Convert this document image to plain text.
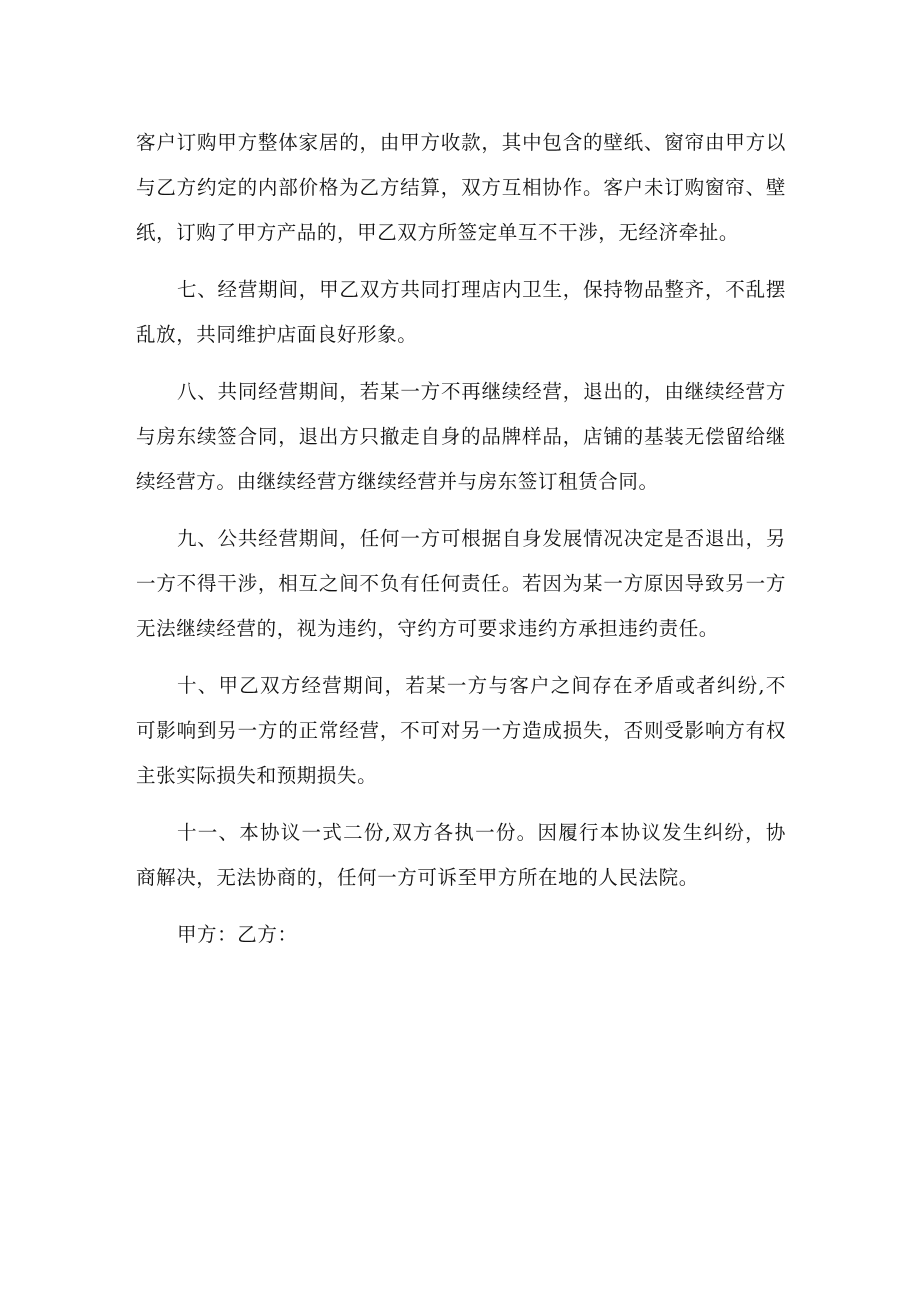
客户订购甲方整体家居的，由甲方收款，其中包含的壁纸、窗帘由甲方以与乙方约定的内部价格为乙方结算，双方互相协作。客户未订购窗帘、壁纸，订购了甲方产品的，甲乙双方所签定单互不干涉，无经济牵扯。

七、经营期间，甲乙双方共同打理店内卫生，保持物品整齐，不乱摆乱放，共同维护店面良好形象。

八、共同经营期间，若某一方不再继续经营，退出的，由继续经营方与房东续签合同，退出方只撤走自身的品牌样品，店铺的基装无偿留给继续经营方。由继续经营方继续经营并与房东签订租赁合同。

九、公共经营期间，任何一方可根据自身发展情况决定是否退出，另一方不得干涉，相互之间不负有任何责任。若因为某一方原因导致另一方无法继续经营的，视为违约，守约方可要求违约方承担违约责任。

十、甲乙双方经营期间，若某一方与客户之间存在矛盾或者纠纷,不可影响到另一方的正常经营，不可对另一方造成损失，否则受影响方有权主张实际损失和预期损失。

十一、本协议一式二份,双方各执一份。因履行本协议发生纠纷，协商解决，无法协商的，任何一方可诉至甲方所在地的人民法院。

甲方：乙方：
